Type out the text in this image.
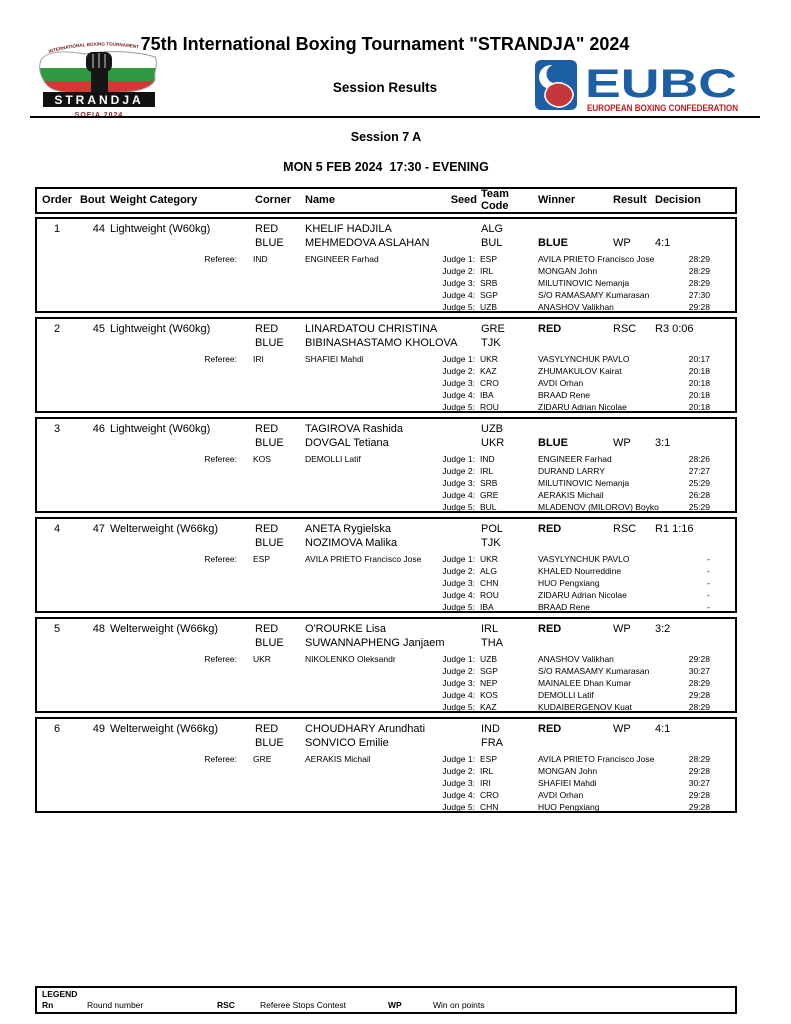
INTERNATIONAL BOXING TOURNAMENT
STRANDJA
SOFIA 2024
75th International Boxing Tournament "STRANDJA" 2024
Session Results	EUBC
EUROPEAN BOXING CONFEDERATION
Session 7 A
MON 5 FEB 2024  17:30 - EVENING
Order Bout Weight Category	Corner	Name	Seed Team Code	Winner	Result Decision
1	44 Lightweight (W60kg)	RED	KHELIF HADJILA	ALG
BLUE	MEHMEDOVA ASLAHAN	BUL	BLUE	WP	4:1
Referee:	IND	ENGINEER Farhad	Judge 1: ESP	AVILA PRIETO Francisco Jose	28:29
Judge 2: IRL	MONGAN John	28:29
Judge 3: SRB	MILUTINOVIC Nemanja	28:29
Judge 4: SGP	S/O RAMASAMY Kumarasan	27:30
Judge 5: UZB	ANASHOV Valikhan	29:28
2	45 Lightweight (W60kg)	RED	LINARDATOU CHRISTINA	GRE	RED	RSC	R3 0:06
BLUE	BIBINASHASTAMO KHOLOVA	TJK
Referee:	IRI	SHAFIEI Mahdi	Judge 1: UKR	VASYLYNCHUK PAVLO	20:17
Judge 2: KAZ	ZHUMAKULOV Kairat	20:18
Judge 3: CRO	AVDI Orhan	20:18
Judge 4: IBA	BRAAD Rene	20:18
Judge 5: ROU	ZIDARU Adrian Nicolae	20:18
3	46 Lightweight (W60kg)	RED	TAGIROVA Rashida	UZB
BLUE	DOVGAL Tetiana	UKR	BLUE	WP	3:1
Referee:	KOS	DEMOLLI Latif	Judge 1: IND	ENGINEER Farhad	28:26
Judge 2: IRL	DURAND LARRY	27:27
Judge 3: SRB	MILUTINOVIC Nemanja	25:29
Judge 4: GRE	AERAKIS Michail	26:28
Judge 5: BUL	MLADENOV (MILOROV) Boyko	25:29
4	47 Welterweight (W66kg)	RED	ANETA Rygielska	POL	RED	RSC	R1 1:16
BLUE	NOZIMOVA Malika	TJK
Referee:	ESP	AVILA PRIETO Francisco Jose	Judge 1: UKR	VASYLYNCHUK PAVLO	-
Judge 2: ALG	KHALED Nourreddine	-
Judge 3: CHN	HUO Pengxiang	-
Judge 4: ROU	ZIDARU Adrian Nicolae	-
Judge 5: IBA	BRAAD Rene	-
5	48 Welterweight (W66kg)	RED	O'ROURKE Lisa	IRL	RED	WP	3:2
BLUE	SUWANNAPHENG Janjaem	THA
Referee:	UKR	NIKOLENKO Oleksandr	Judge 1: UZB	ANASHOV Valikhan	29:28
Judge 2: SGP	S/O RAMASAMY Kumarasan	30:27
Judge 3: NEP	MAINALEE Dhan Kumar	28:29
Judge 4: KOS	DEMOLLI Latif	29:28
Judge 5: KAZ	KUDAIBERGENOV Kuat	28:29
6	49 Welterweight (W66kg)	RED	CHOUDHARY Arundhati	IND	RED	WP	4:1
BLUE	SONVICO Emilie	FRA
Referee:	GRE	AERAKIS Michail	Judge 1: ESP	AVILA PRIETO Francisco Jose	28:29
Judge 2: IRL	MONGAN John	29:28
Judge 3: IRI	SHAFIEI Mahdi	30:27
Judge 4: CRO	AVDI Orhan	29:28
Judge 5: CHN	HUO Pengxiang	29:28
LEGEND
Rn	Round number	RSC	Referee Stops Contest	WP	Win on points
